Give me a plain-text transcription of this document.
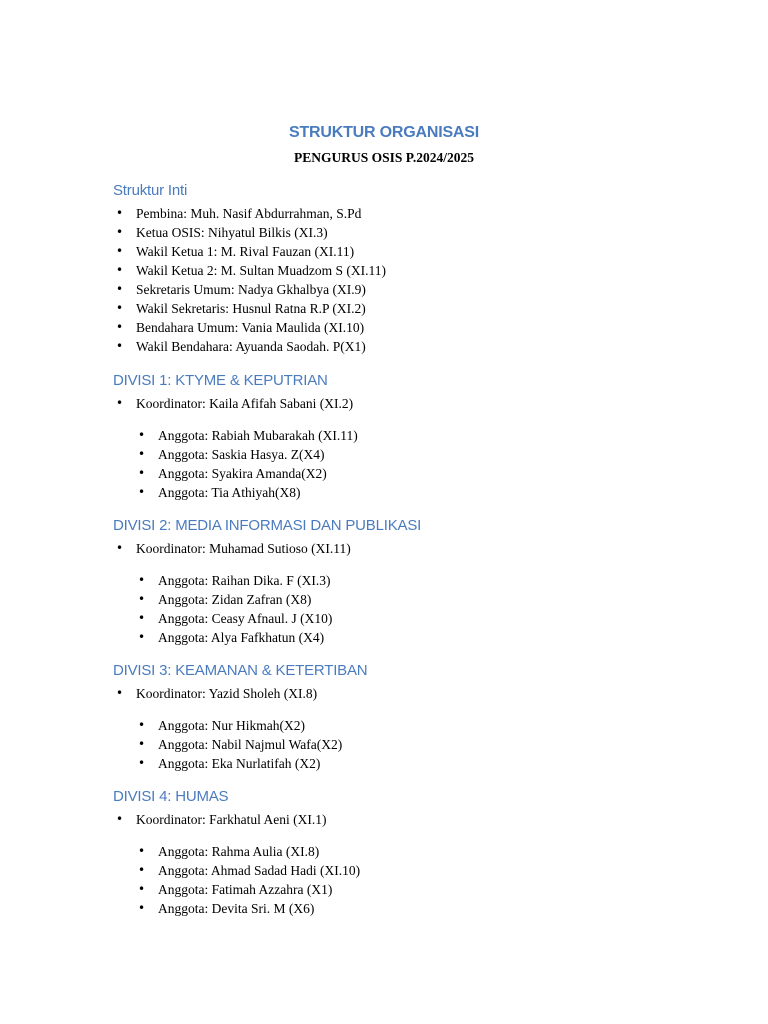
STRUKTUR ORGANISASI
PENGURUS OSIS P.2024/2025
Struktur Inti
• Pembina: Muh. Nasif Abdurrahman, S.Pd
• Ketua OSIS: Nihyatul Bilkis (XI.3)
• Wakil Ketua 1: M. Rival Fauzan (XI.11)
• Wakil Ketua 2: M. Sultan Muadzom S (XI.11)
• Sekretaris Umum: Nadya Gkhalbya (XI.9)
• Wakil Sekretaris: Husnul Ratna R.P (XI.2)
• Bendahara Umum: Vania Maulida (XI.10)
• Wakil Bendahara: Ayuanda Saodah. P(X1)
DIVISI 1: KTYME & KEPUTRIAN
• Koordinator: Kaila Afifah Sabani (XI.2)
• Anggota: Rabiah Mubarakah (XI.11)
• Anggota: Saskia Hasya. Z(X4)
• Anggota: Syakira Amanda(X2)
• Anggota: Tia Athiyah(X8)
DIVISI 2: MEDIA INFORMASI DAN PUBLIKASI
• Koordinator: Muhamad Sutioso (XI.11)
• Anggota: Raihan Dika. F (XI.3)
• Anggota: Zidan Zafran (X8)
• Anggota: Ceasy Afnaul. J (X10)
• Anggota: Alya Fafkhatun (X4)
DIVISI 3: KEAMANAN & KETERTIBAN
• Koordinator: Yazid Sholeh (XI.8)
• Anggota: Nur Hikmah(X2)
• Anggota: Nabil Najmul Wafa(X2)
• Anggota: Eka Nurlatifah (X2)
DIVISI 4: HUMAS
• Koordinator: Farkhatul Aeni (XI.1)
• Anggota: Rahma Aulia (XI.8)
• Anggota: Ahmad Sadad Hadi (XI.10)
• Anggota: Fatimah Azzahra (X1)
• Anggota: Devita Sri. M (X6)
